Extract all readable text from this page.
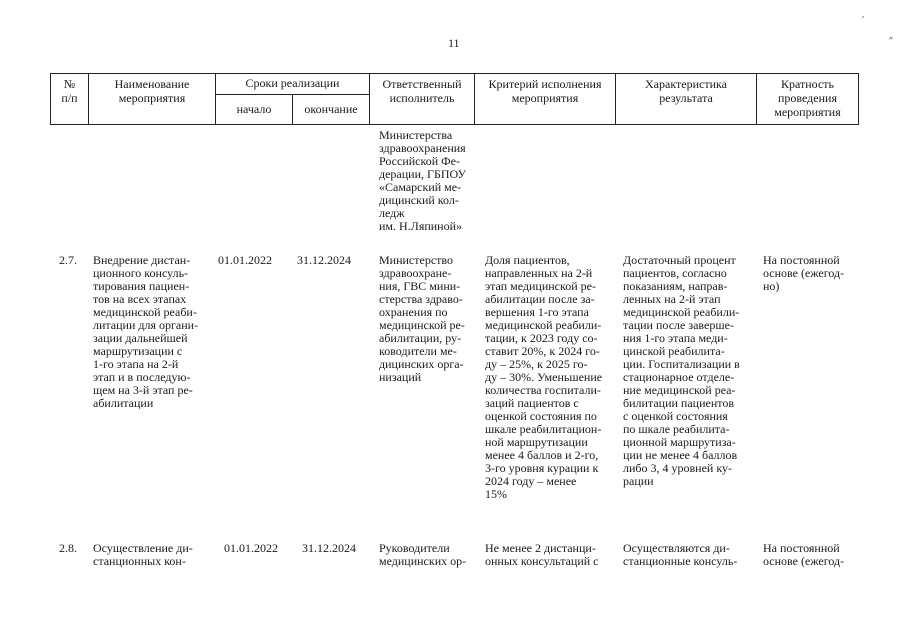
11
′
″
№
п/п
Наименование
мероприятия
Сроки реализации
начало	окончание
Ответственный
исполнитель
Критерий исполнения
мероприятия
Характеристика
результата
Кратность
проведения
мероприятия
Министерства
здравоохранения
Российской Фе-
дерации, ГБПОУ
«Самарский ме-
дицинский кол-
ледж
им. Н.Ляпиной»
2.7. Внедрение дистан-
ционного консуль-
тирования пациен-
тов на всех этапах
медицинской реаби-
литации для органи-
зации дальнейшей
маршрутизации с
1-го этапа на 2-й
этап и в последую-
щем на 3-й этап ре-
абилитации
01.01.2022 31.12.2024 Министерство
здравоохране-
ния, ГВС мини-
стерства здраво-
охранения по
медицинской ре-
абилитации, ру-
ководители ме-
дицинских орга-
низаций
Доля пациентов,
направленных на 2-й
этап медицинской ре-
абилитации после за-
вершения 1-го этапа
медицинской реабили-
тации, к 2023 году со-
ставит 20%, к 2024 го-
ду – 25%, к 2025 го-
ду – 30%. Уменьшение
количества госпитали-
заций пациентов с
оценкой состояния по
шкале реабилитацион-
ной маршрутизации
менее 4 баллов и 2-го,
3-го уровня курации к
2024 году – менее
15%
Достаточный процент
пациентов, согласно
показаниям, направ-
ленных на 2-й этап
медицинской реабили-
тации после заверше-
ния 1-го этапа меди-
цинской реабилита-
ции. Госпитализации в
стационарное отделе-
ние медицинской реа-
билитации пациентов
с оценкой состояния
по шкале реабилита-
ционной маршрутиза-
ции не менее 4 баллов
либо 3, 4 уровней ку-
рации
На постоянной
основе (ежегод-
но)
2.8. Осуществление ди-
станционных кон-
01.01.2022 31.12.2024 Руководители
медицинских ор-
Не менее 2 дистанци-
онных консультаций с
Осуществляются ди-
станционные консуль-
На постоянной
основе (ежегод-
